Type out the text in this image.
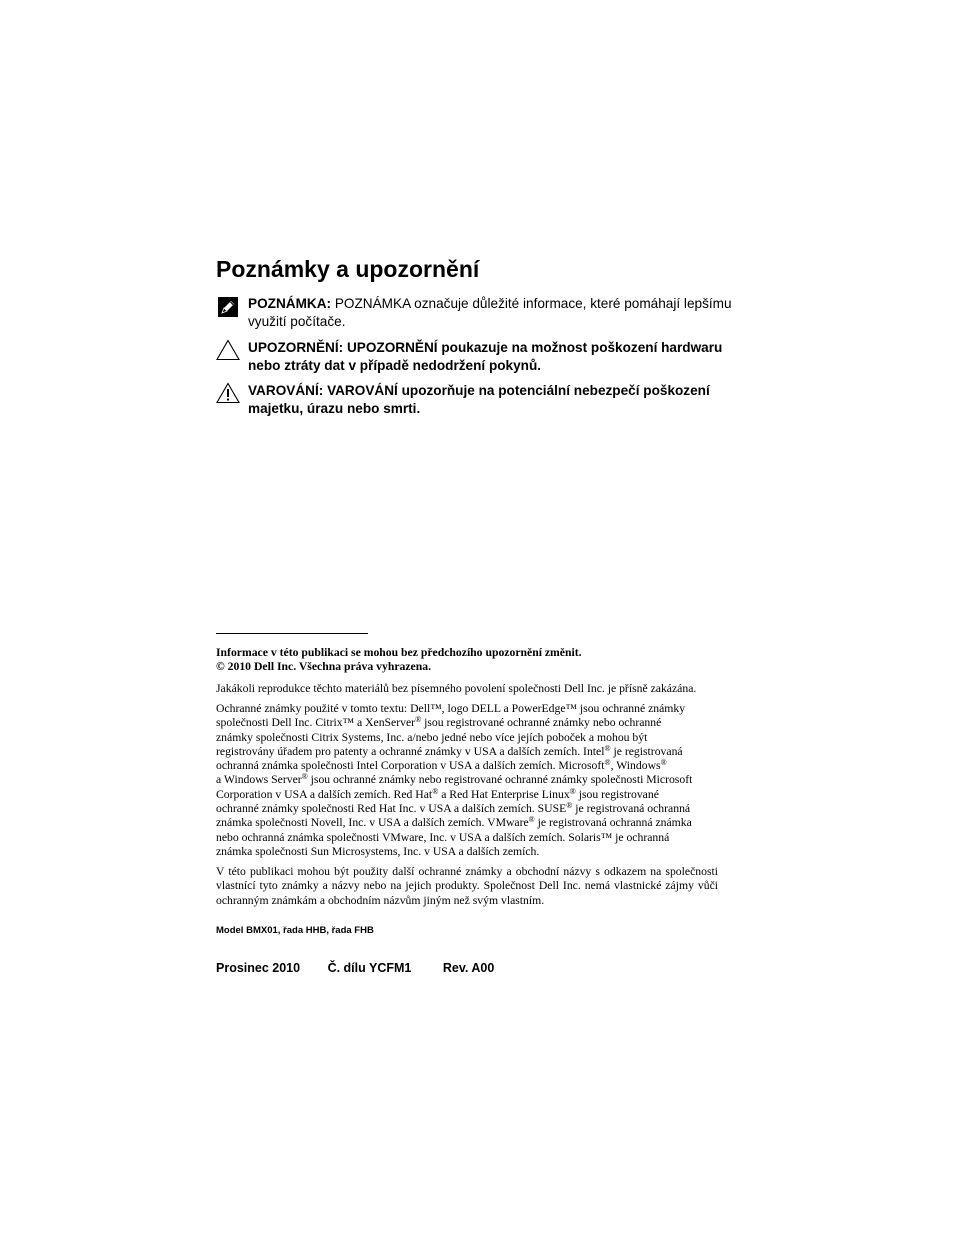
Poznámky a upozornění
POZNÁMKA: POZNÁMKA označuje důležité informace, které pomáhají lepšímu využití počítače.
UPOZORNĚNÍ: UPOZORNĚNÍ poukazuje na možnost poškození hardwaru nebo ztráty dat v případě nedodržení pokynů.
VAROVÁNÍ: VAROVÁNÍ upozorňuje na potenciální nebezpečí poškození majetku, úrazu nebo smrti.
Informace v této publikaci se mohou bez předchozího upozornění změnit.
© 2010 Dell Inc. Všechna práva vyhrazena.
Jakákoli reprodukce těchto materiálů bez písemného povolení společnosti Dell Inc. je přísně zakázána.
Ochranné známky použité v tomto textu: Dell™, logo DELL a PowerEdge™ jsou ochranné známky
společnosti Dell Inc. Citrix™ a XenServer® jsou registrované ochranné známky nebo ochranné
známky společnosti Citrix Systems, Inc. a/nebo jedné nebo více jejích poboček a mohou být
registrovány úřadem pro patenty a ochranné známky v USA a dalších zemích. Intel® je registrovaná
ochranná známka společnosti Intel Corporation v USA a dalších zemích. Microsoft®, Windows®
a Windows Server® jsou ochranné známky nebo registrované ochranné známky společnosti Microsoft
Corporation v USA a dalších zemích. Red Hat® a Red Hat Enterprise Linux® jsou registrované
ochranné známky společnosti Red Hat Inc. v USA a dalších zemích. SUSE® je registrovaná ochranná
známka společnosti Novell, Inc. v USA a dalších zemích. VMware® je registrovaná ochranná známka
nebo ochranná známka společnosti VMware, Inc. v USA a dalších zemích. Solaris™ je ochranná
známka společnosti Sun Microsystems, Inc. v USA a dalších zemích.
V této publikaci mohou být použity další ochranné známky a obchodní názvy s odkazem na společnosti vlastnící tyto známky a názvy nebo na jejich produkty. Společnost Dell Inc. nemá vlastnické zájmy vůči ochranným známkám a obchodním názvům jiným než svým vlastním.
Model BMX01, řada HHB, řada FHB
Prosinec 2010 Č. dílu YCFM1	Rev. A00
